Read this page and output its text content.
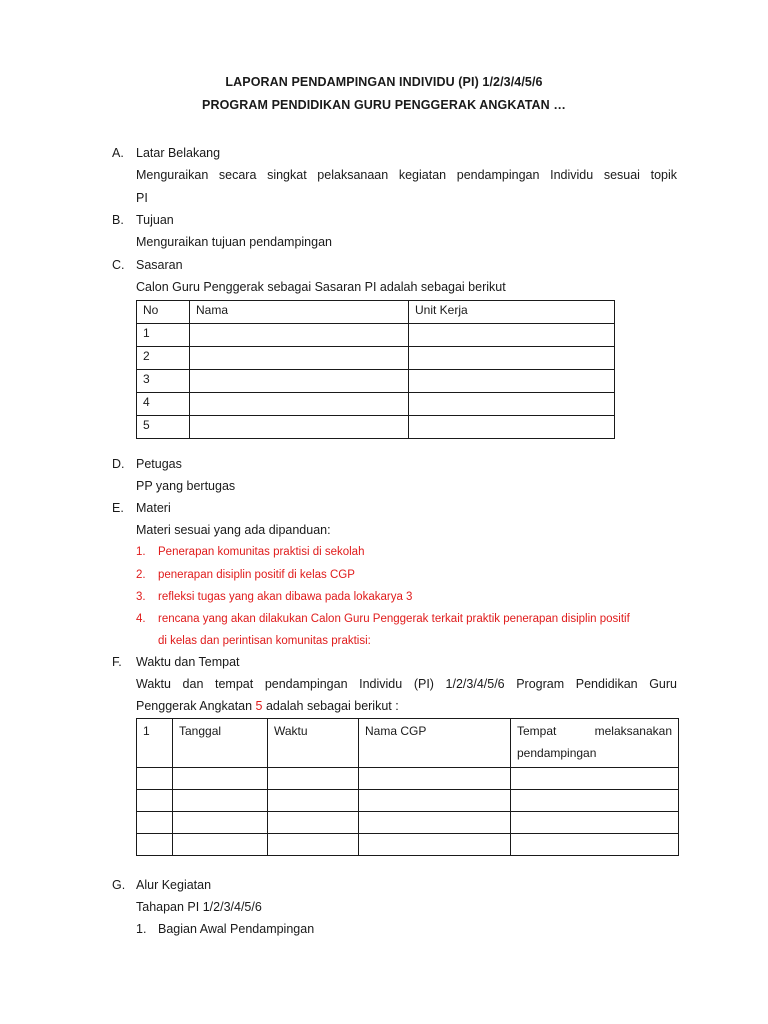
LAPORAN PENDAMPINGAN INDIVIDU (PI) 1/2/3/4/5/6
PROGRAM PENDIDIKAN GURU PENGGERAK ANGKATAN …
A. Latar Belakang
Menguraikan secara singkat pelaksanaan kegiatan pendampingan Individu sesuai topik
PI
B. Tujuan
Menguraikan tujuan pendampingan
C. Sasaran
Calon Guru Penggerak sebagai Sasaran PI adalah sebagai berikut
No	Nama	Unit Kerja
1		
2		
3		
4		
5		
D. Petugas
PP yang bertugas
E. Materi
Materi sesuai yang ada dipanduan:
1. Penerapan komunitas praktisi di sekolah
2. penerapan disiplin positif di kelas CGP
3. refleksi tugas yang akan dibawa pada lokakarya 3
4. rencana yang akan dilakukan Calon Guru Penggerak terkait praktik penerapan disiplin positif
di kelas dan perintisan komunitas praktisi:
F. Waktu dan Tempat
Waktu dan tempat pendampingan Individu (PI) 1/2/3/4/5/6 Program Pendidikan Guru
Penggerak Angkatan 5 adalah sebagai berikut :
1	Tanggal	Waktu	Nama CGP	Tempat melaksanakan
pendampingan

G. Alur Kegiatan
Tahapan PI 1/2/3/4/5/6
1. Bagian Awal Pendampingan
